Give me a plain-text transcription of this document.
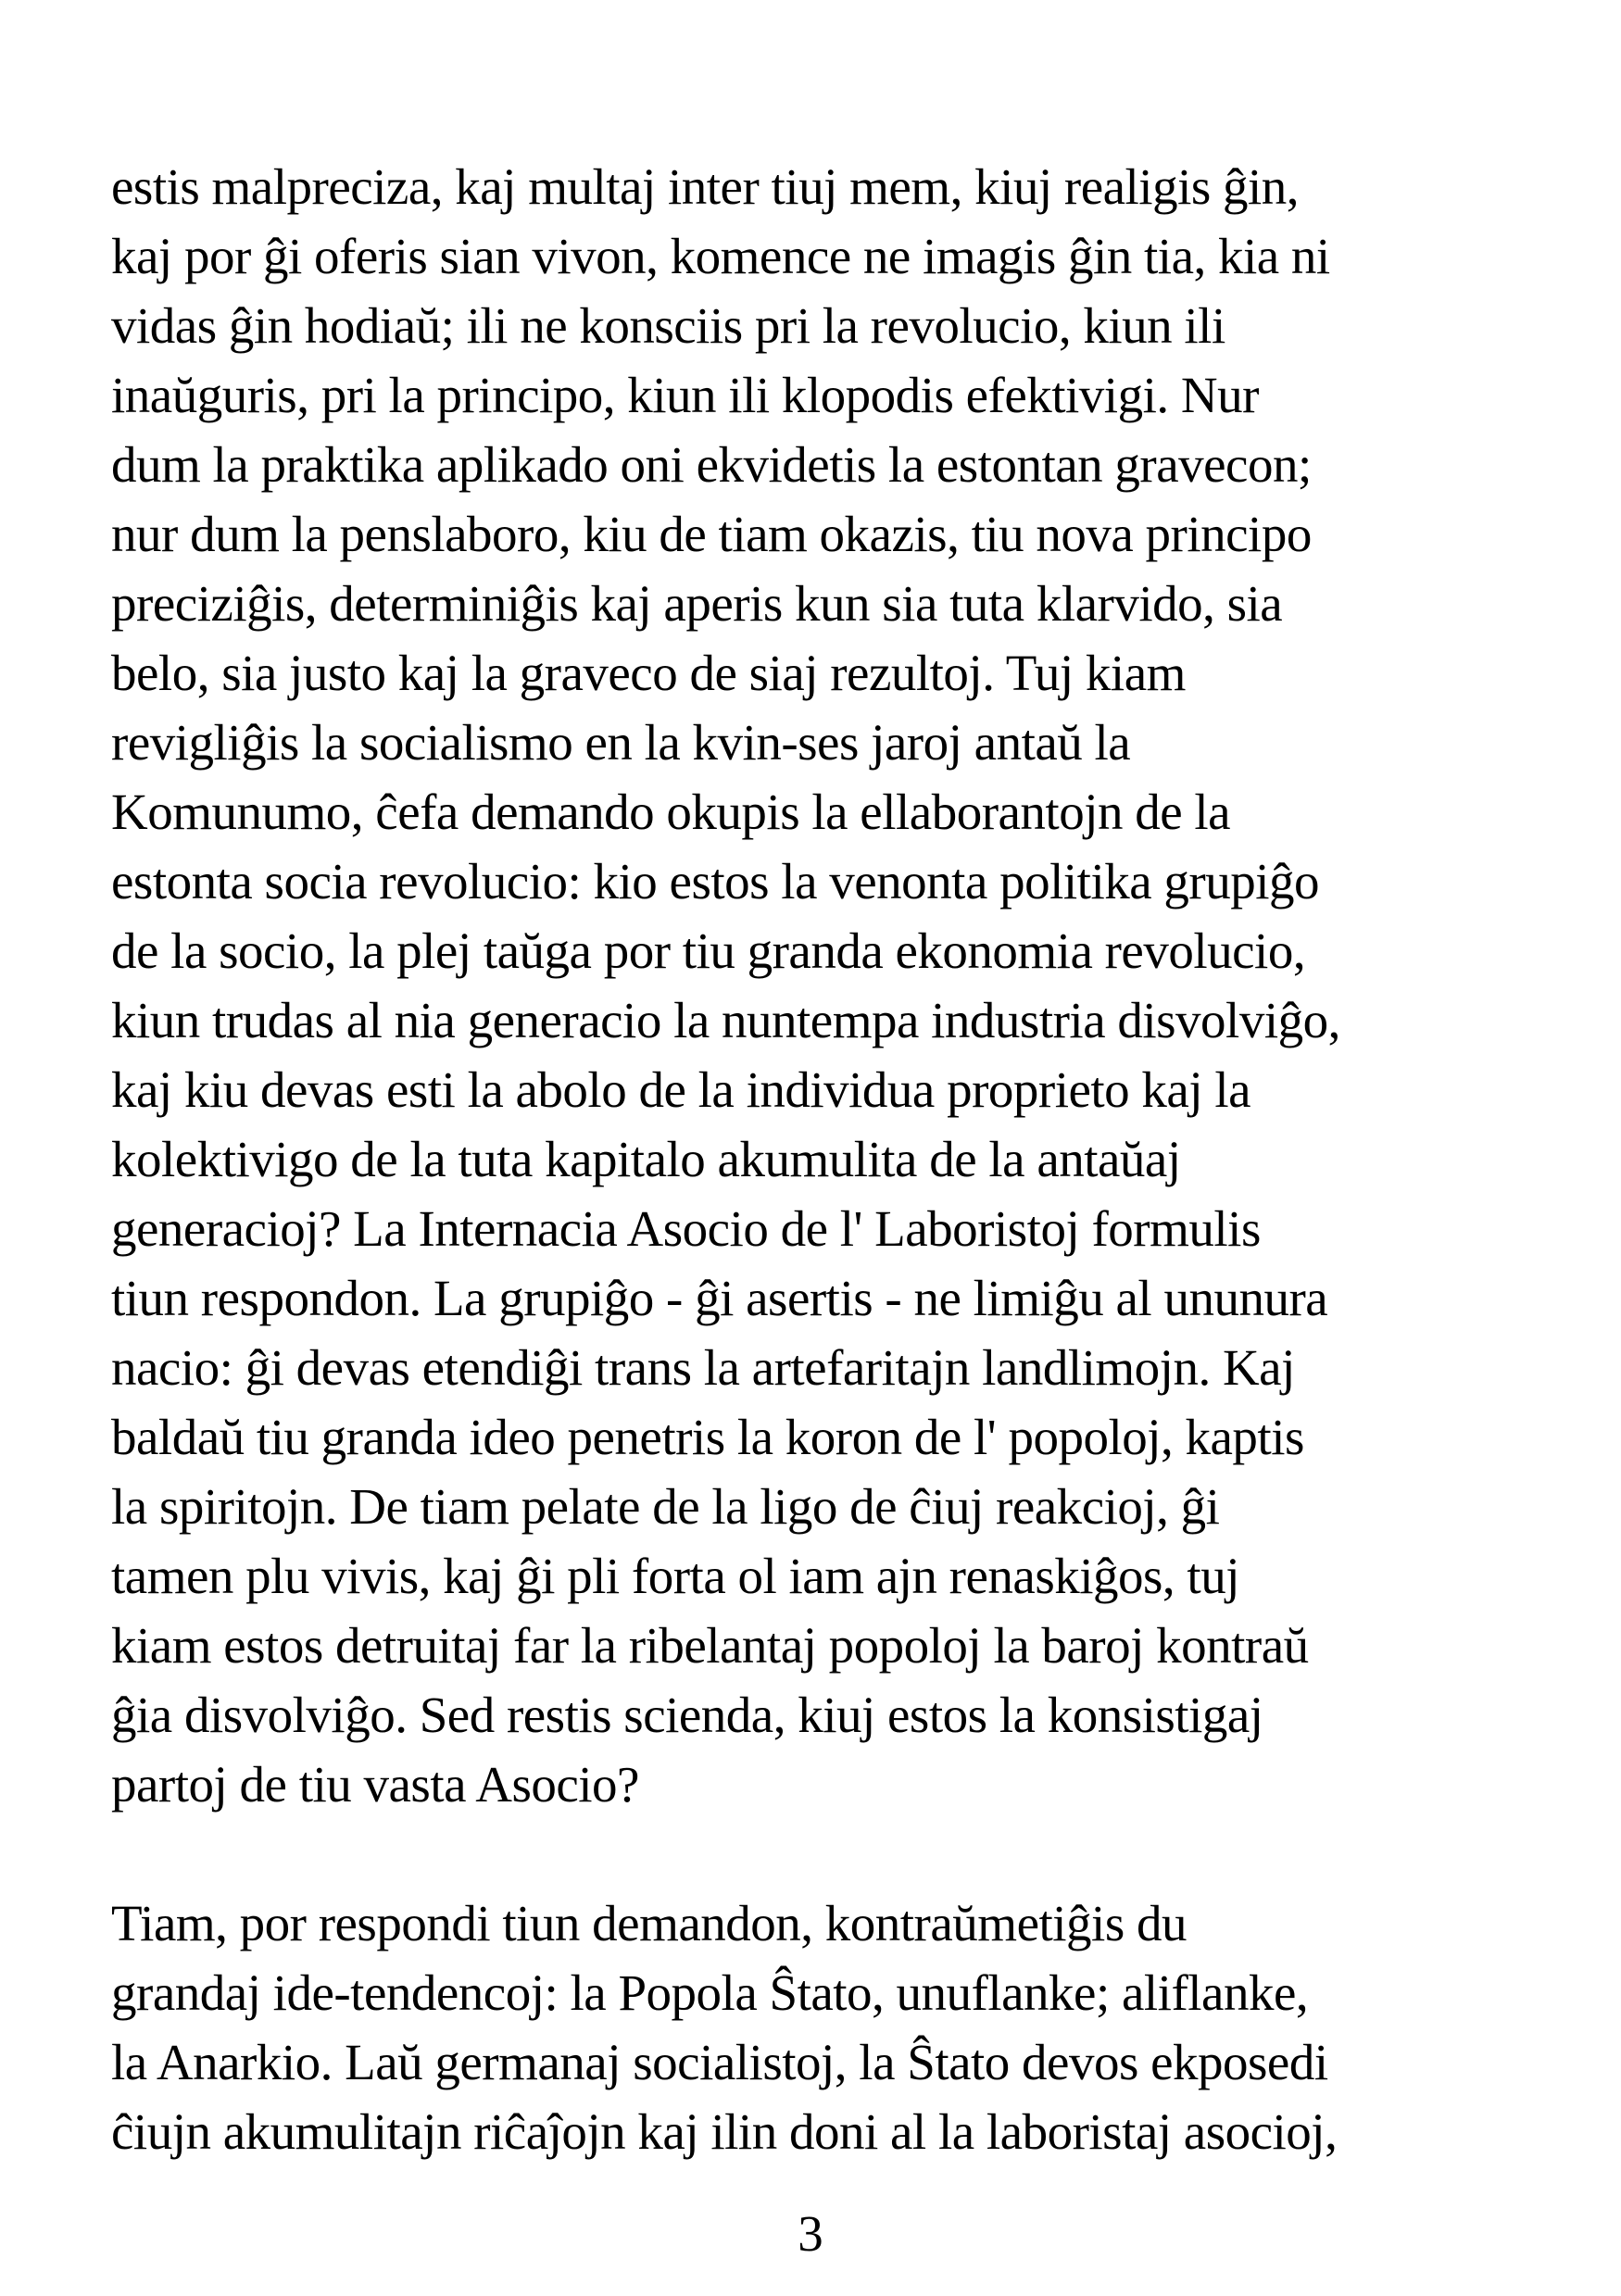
estis malpreciza, kaj multaj inter tiuj mem, kiuj realigis ĝin,
kaj por ĝi oferis sian vivon, komence ne imagis ĝin tia, kia ni
vidas ĝin hodiaŭ; ili ne konsciis pri la revolucio, kiun ili
inaŭguris, pri la principo, kiun ili klopodis efektivigi. Nur
dum la praktika aplikado oni ekvidetis la estontan gravecon;
nur dum la penslaboro, kiu de tiam okazis, tiu nova principo
preciziĝis, determiniĝis kaj aperis kun sia tuta klarvido, sia
belo, sia justo kaj la graveco de siaj rezultoj. Tuj kiam
revigliĝis la socialismo en la kvin-ses jaroj antaŭ la
Komunumo, ĉefa demando okupis la ellaborantojn de la
estonta socia revolucio: kio estos la venonta politika grupiĝo
de la socio, la plej taŭga por tiu granda ekonomia revolucio,
kiun trudas al nia generacio la nuntempa industria disvolviĝo,
kaj kiu devas esti la abolo de la individua proprieto kaj la
kolektivigo de la tuta kapitalo akumulita de la antaŭaj
generacioj? La Internacia Asocio de l' Laboristoj formulis
tiun respondon. La grupiĝo - ĝi asertis - ne limiĝu al ununura
nacio: ĝi devas etendiĝi trans la artefaritajn landlimojn. Kaj
baldaŭ tiu granda ideo penetris la koron de l' popoloj, kaptis
la spiritojn. De tiam pelate de la ligo de ĉiuj reakcioj, ĝi
tamen plu vivis, kaj ĝi pli forta ol iam ajn renaskiĝos, tuj
kiam estos detruitaj far la ribelantaj popoloj la baroj kontraŭ
ĝia disvolviĝo. Sed restis scienda, kiuj estos la konsistigaj
partoj de tiu vasta Asocio?
Tiam, por respondi tiun demandon, kontraŭmetiĝis du
grandaj ide-tendencoj: la Popola Ŝtato, unuflanke; aliflanke,
la Anarkio. Laŭ germanaj socialistoj, la Ŝtato devos ekposedi
ĉiujn akumulitajn riĉaĵojn kaj ilin doni al la laboristaj asocioj,
3
